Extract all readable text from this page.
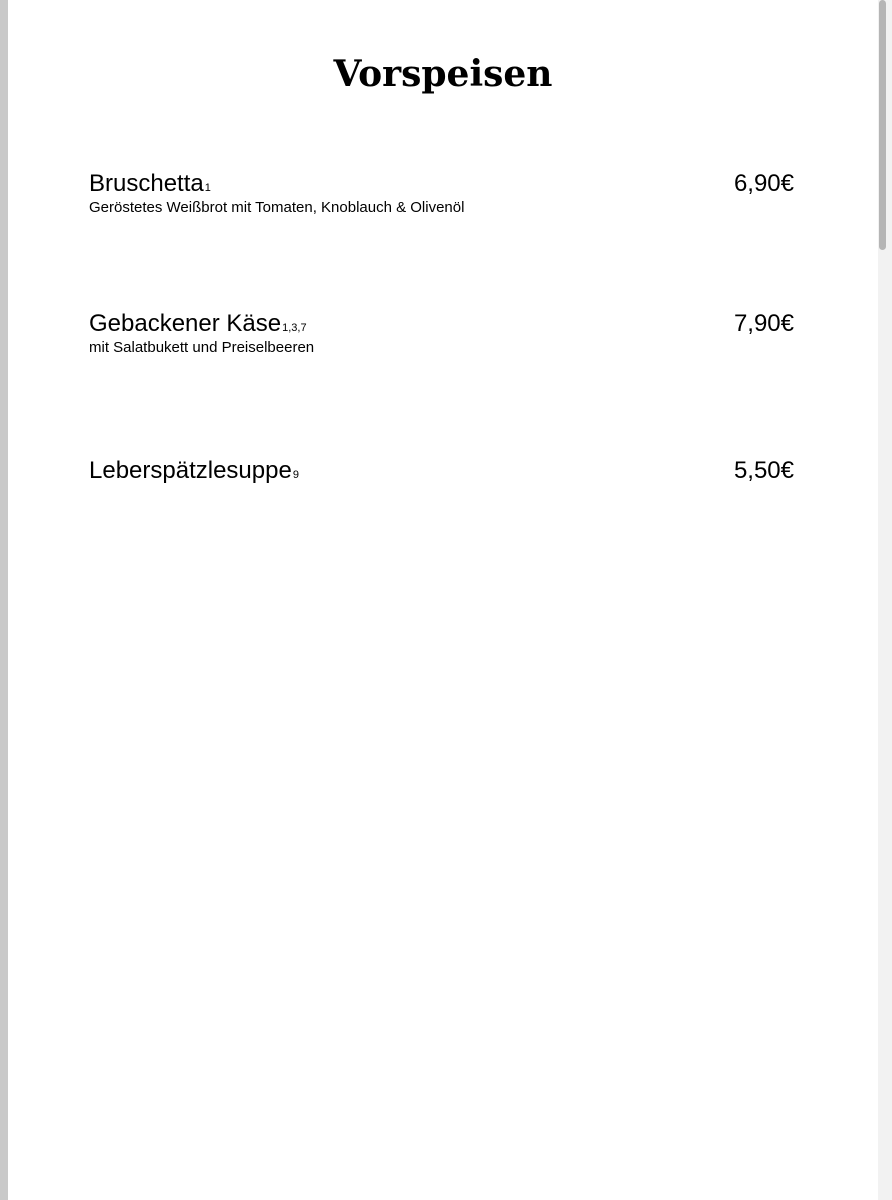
Vorspeisen
Bruschetta1	6,90€
Geröstetes Weißbrot mit Tomaten, Knoblauch & Olivenöl
Gebackener Käse1,3,7	7,90€
mit Salatbukett und Preiselbeeren
Leberspätzlesuppe9	5,50€
